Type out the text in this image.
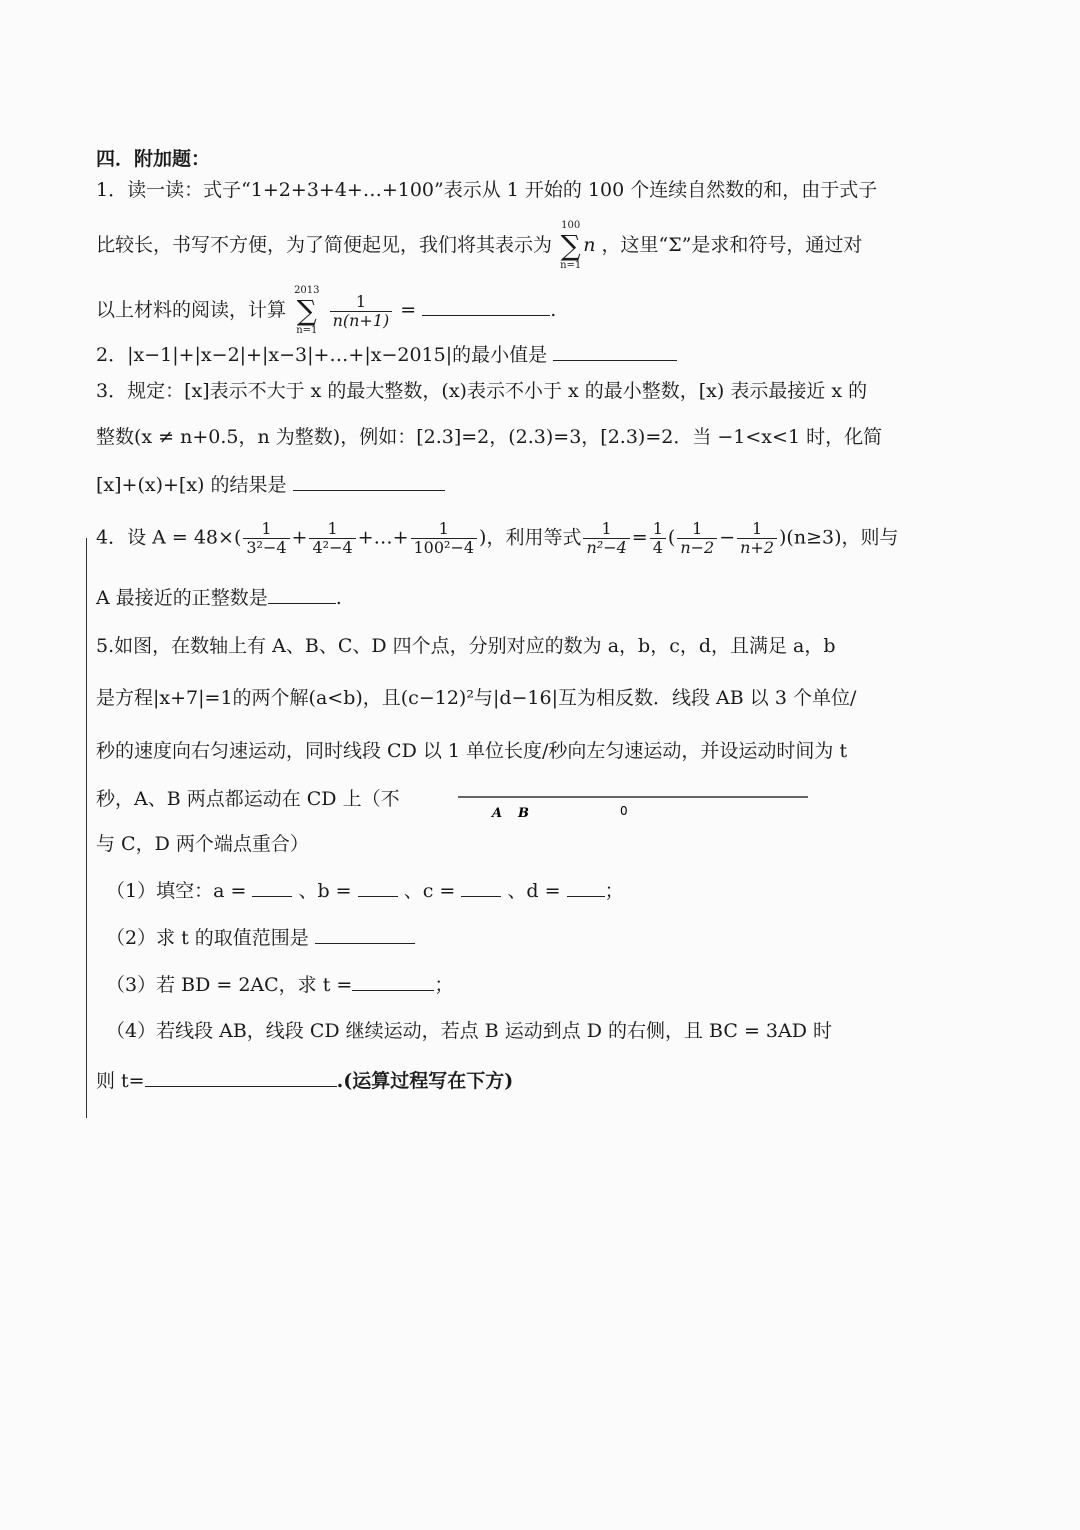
四．附加题：
1．读一读：式子“1+2+3+4+…+100”表示从 1 开始的 100 个连续自然数的和，由于式子
比较长，书写不方便，为了简便起见，我们将其表示为
100
∑
n=1
n ，这里“Σ”是求和符号，通过对
以上材料的阅读，计算
2013
∑
n=1

$\frac{1}{n(n+1)}$ =	.
2．|x−1|+|x−2|+|x−3|+…+|x−2015|的最小值是
3．规定：[x]表示不大于 x 的最大整数，(x)表示不小于 x 的最小整数，[x) 表示最接近 x 的
整数(x ≠ n+0.5，n 为整数)，例如：[2.3]=2，(2.3)=3，[2.3)=2．当 −1<x<1 时，化简
[x]+(x)+[x) 的结果是
4．设 $A = 48\times( \frac{1}{\text{3²−4}} + \frac{1}{\text{4²−4}}$ +…+ $\frac{1}{\text{100²−4}}$ )，利用等式 $\frac{1}{\text{n²−4}} = \frac{1}{4}$ ( $\frac{1}{n-2} - \frac{1}{n+2} )(n\ge 3)$，则与
A 最接近的正整数是	.
5.如图，在数轴上有 A、B、C、D 四个点，分别对应的数为 a，b，c，d，且满足 a，b
是方程|x+7|=1的两个解(a<b)，且(c−12)²与|d−16|互为相反数．线段 AB 以 3 个单位/
秒的速度向右匀速运动，同时线段 CD 以 1 单位长度/秒向左匀速运动，并设运动时间为 t
秒，A、B 两点都运动在 CD 上（不
A B	0
与 C，D 两个端点重合）
（1）填空：a =	、b =	、c =	、d = ；
（2）求 t 的取值范围是
（3）若 BD = 2AC，求 t =	；
（4）若线段 AB，线段 CD 继续运动，若点 B 运动到点 D 的右侧，且 BC = 3AD 时
则 t=	.(运算过程写在下方)
